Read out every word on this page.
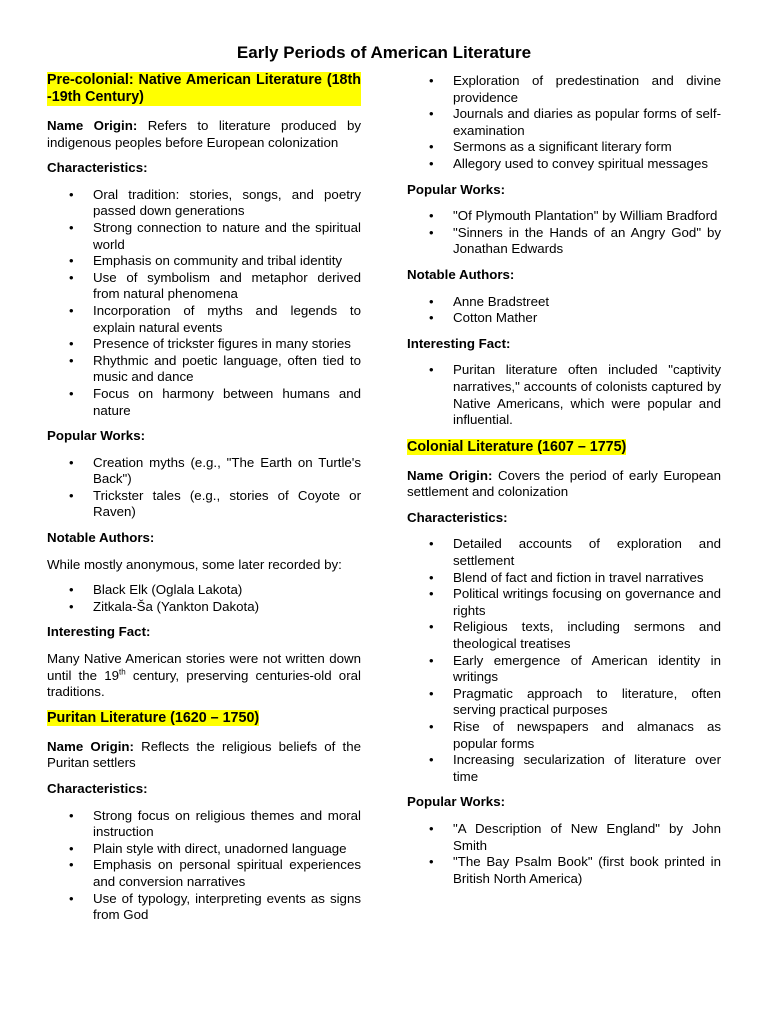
Early Periods of American Literature
Pre-colonial: Native American Literature (18th -19th Century)
Name Origin: Refers to literature produced by indigenous peoples before European colonization
Characteristics:
• Oral tradition: stories, songs, and poetry passed down generations
• Strong connection to nature and the spiritual world
• Emphasis on community and tribal identity
• Use of symbolism and metaphor derived from natural phenomena
• Incorporation of myths and legends to explain natural events
• Presence of trickster figures in many stories
• Rhythmic and poetic language, often tied to music and dance
• Focus on harmony between humans and nature
Popular Works:
• Creation myths (e.g., "The Earth on Turtle's Back")
• Trickster tales (e.g., stories of Coyote or Raven)
Notable Authors:
While mostly anonymous, some later recorded by:
• Black Elk (Oglala Lakota)
• Zitkala-Ša (Yankton Dakota)
Interesting Fact:
Many Native American stories were not written down until the 19th century, preserving centuries-old oral traditions.
Puritan Literature (1620 – 1750)
Name Origin: Reflects the religious beliefs of the Puritan settlers
Characteristics:
• Strong focus on religious themes and moral instruction
• Plain style with direct, unadorned language
• Emphasis on personal spiritual experiences and conversion narratives
• Use of typology, interpreting events as signs from God
• Exploration of predestination and divine providence
• Journals and diaries as popular forms of self-examination
• Sermons as a significant literary form
• Allegory used to convey spiritual messages
Popular Works:
• "Of Plymouth Plantation" by William Bradford
• "Sinners in the Hands of an Angry God" by Jonathan Edwards
Notable Authors:
• Anne Bradstreet
• Cotton Mather
Interesting Fact:
• Puritan literature often included "captivity narratives," accounts of colonists captured by Native Americans, which were popular and influential.
Colonial Literature (1607 – 1775)
Name Origin: Covers the period of early European settlement and colonization
Characteristics:
• Detailed accounts of exploration and settlement
• Blend of fact and fiction in travel narratives
• Political writings focusing on governance and rights
• Religious texts, including sermons and theological treatises
• Early emergence of American identity in writings
• Pragmatic approach to literature, often serving practical purposes
• Rise of newspapers and almanacs as popular forms
• Increasing secularization of literature over time
Popular Works:
• "A Description of New England" by John Smith
• "The Bay Psalm Book" (first book printed in British North America)
